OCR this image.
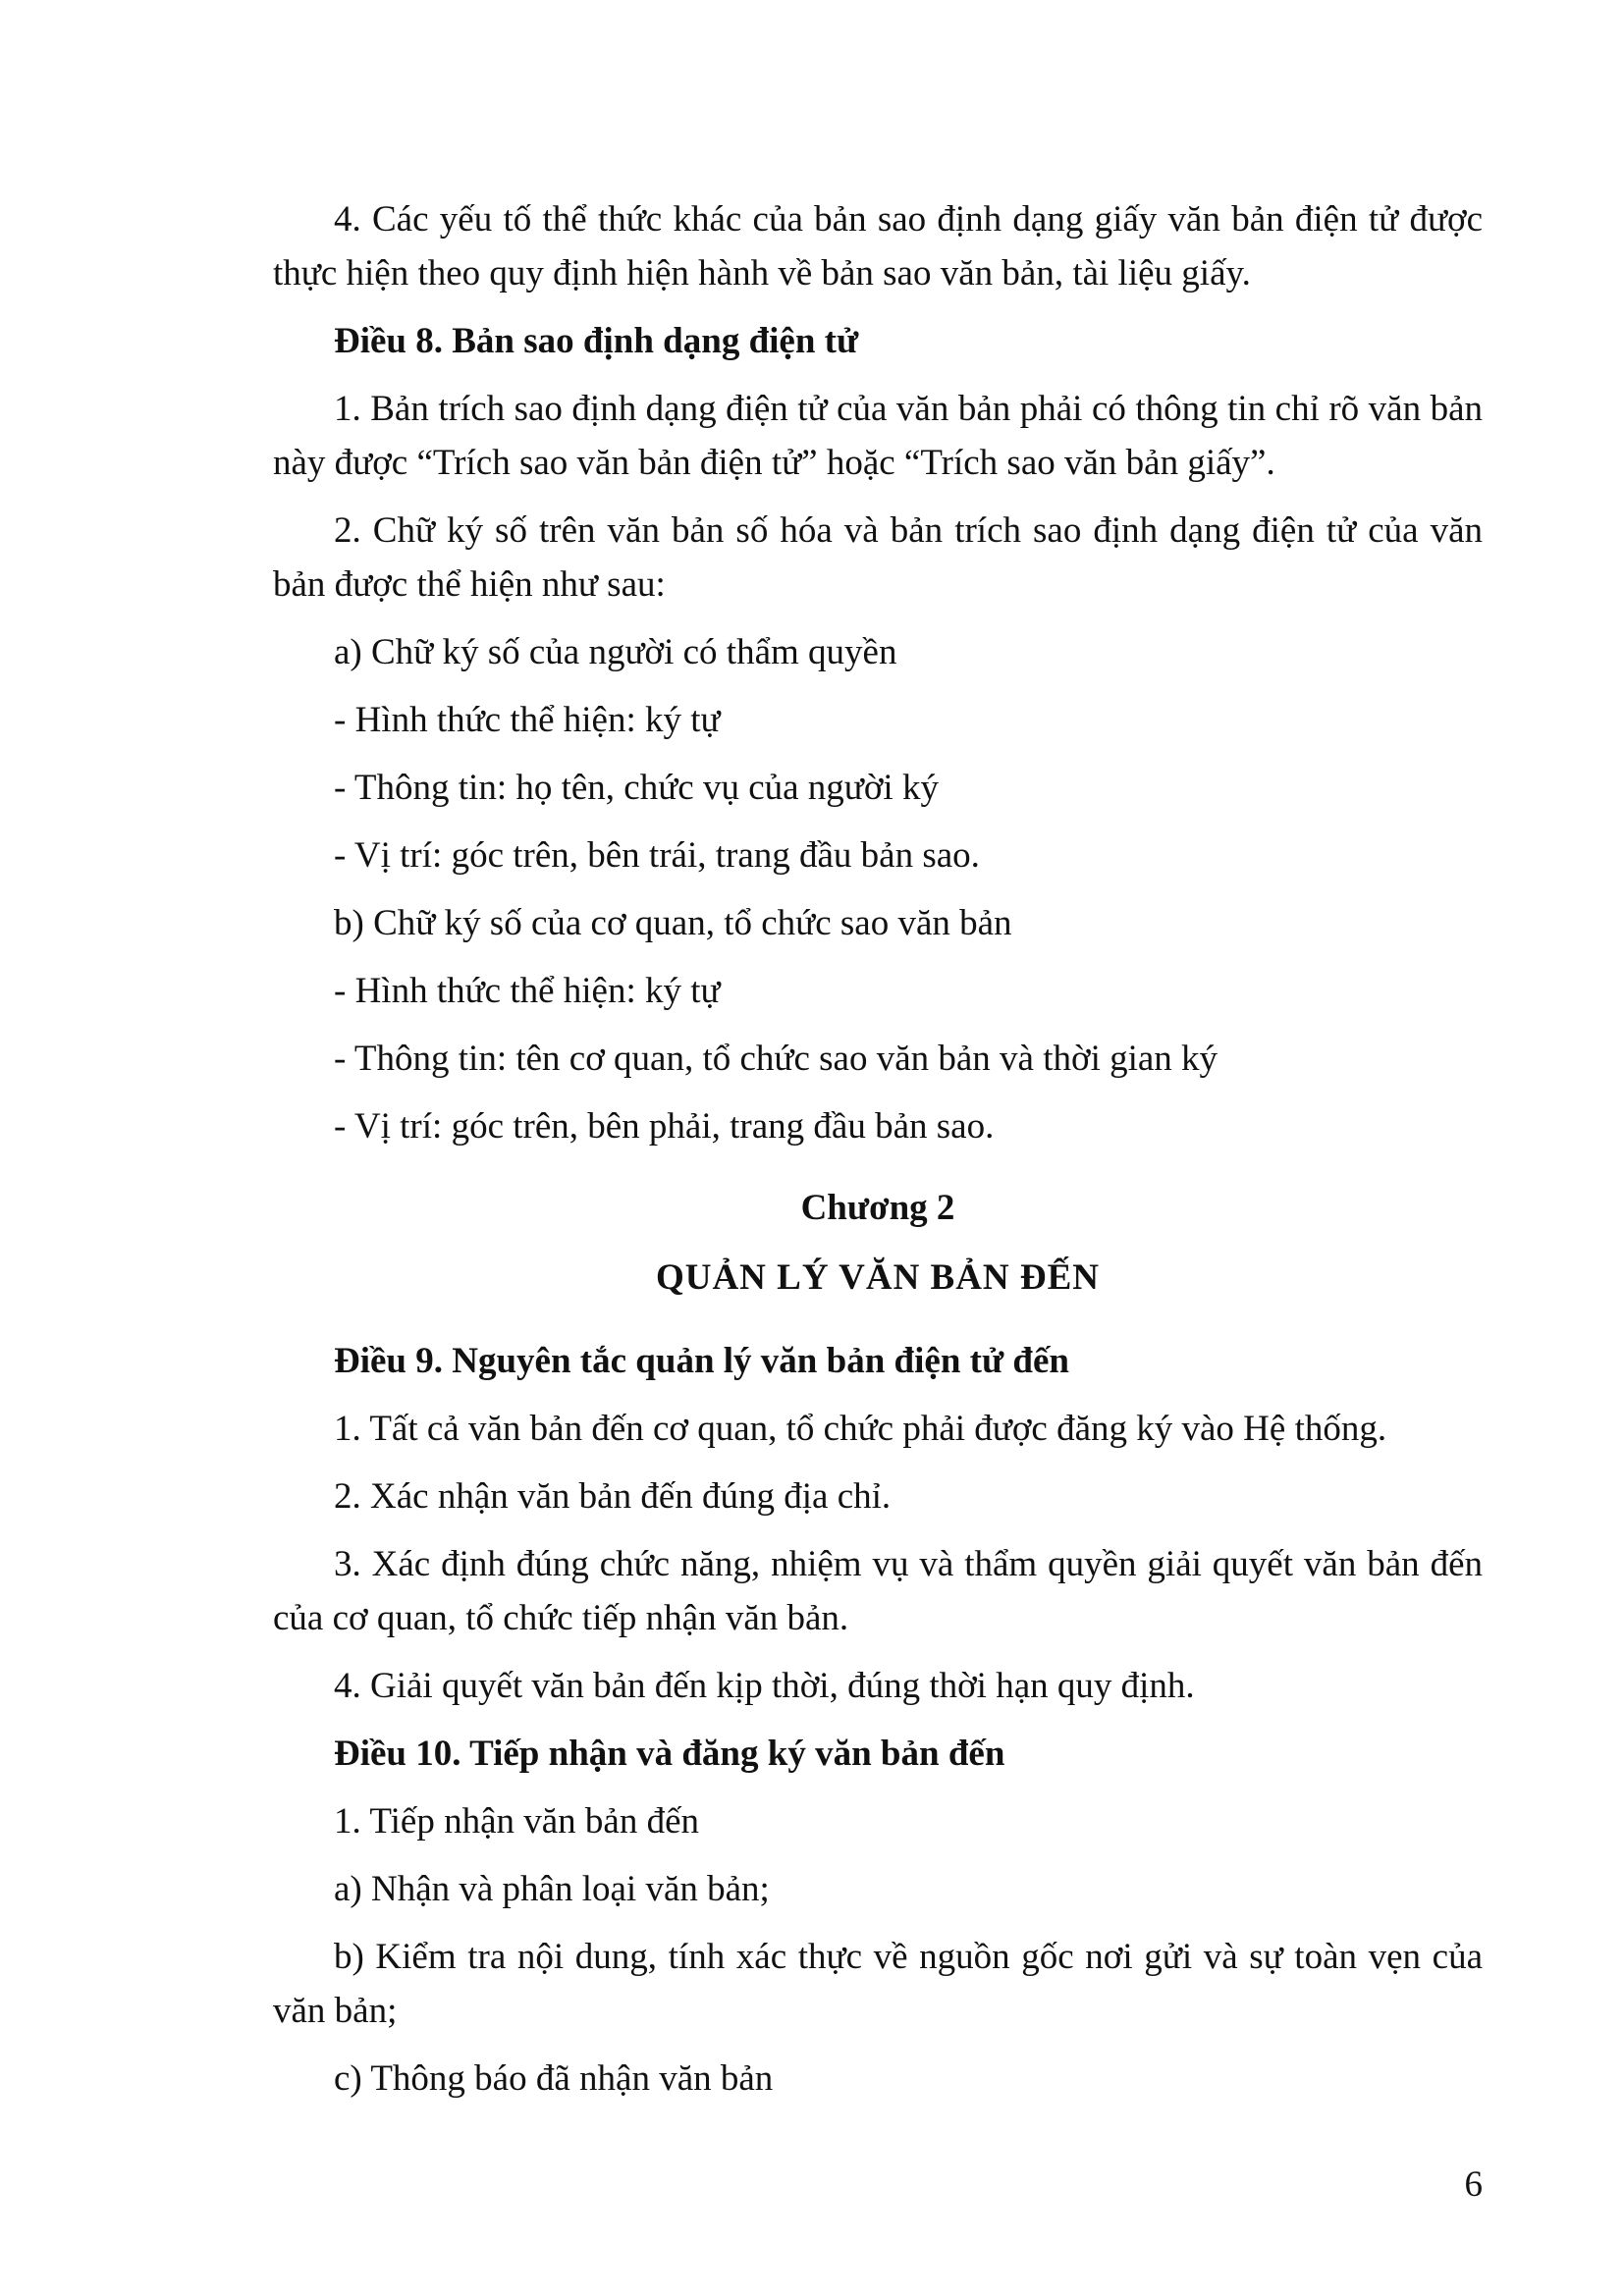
4. Các yếu tố thể thức khác của bản sao định dạng giấy văn bản điện tử được thực hiện theo quy định hiện hành về bản sao văn bản, tài liệu giấy.

Điều 8. Bản sao định dạng điện tử

1. Bản trích sao định dạng điện tử của văn bản phải có thông tin chỉ rõ văn bản này được “Trích sao văn bản điện tử” hoặc “Trích sao văn bản giấy”.

2. Chữ ký số trên văn bản số hóa và bản trích sao định dạng điện tử của văn bản được thể hiện như sau:

a) Chữ ký số của người có thẩm quyền

- Hình thức thể hiện: ký tự

- Thông tin: họ tên, chức vụ của người ký

- Vị trí: góc trên, bên trái, trang đầu bản sao.

b) Chữ ký số của cơ quan, tổ chức sao văn bản

- Hình thức thể hiện: ký tự

- Thông tin: tên cơ quan, tổ chức sao văn bản và thời gian ký

- Vị trí: góc trên, bên phải, trang đầu bản sao.

Chương 2

QUẢN LÝ VĂN BẢN ĐẾN

Điều 9. Nguyên tắc quản lý văn bản điện tử đến

1. Tất cả văn bản đến cơ quan, tổ chức phải được đăng ký vào Hệ thống.

2. Xác nhận văn bản đến đúng địa chỉ.

3. Xác định đúng chức năng, nhiệm vụ và thẩm quyền giải quyết văn bản đến của cơ quan, tổ chức tiếp nhận văn bản.

4. Giải quyết văn bản đến kịp thời, đúng thời hạn quy định.

Điều 10. Tiếp nhận và đăng ký văn bản đến

1. Tiếp nhận văn bản đến

a) Nhận và phân loại văn bản;

b) Kiểm tra nội dung, tính xác thực về nguồn gốc nơi gửi và sự toàn vẹn của văn bản;

c) Thông báo đã nhận văn bản

6
